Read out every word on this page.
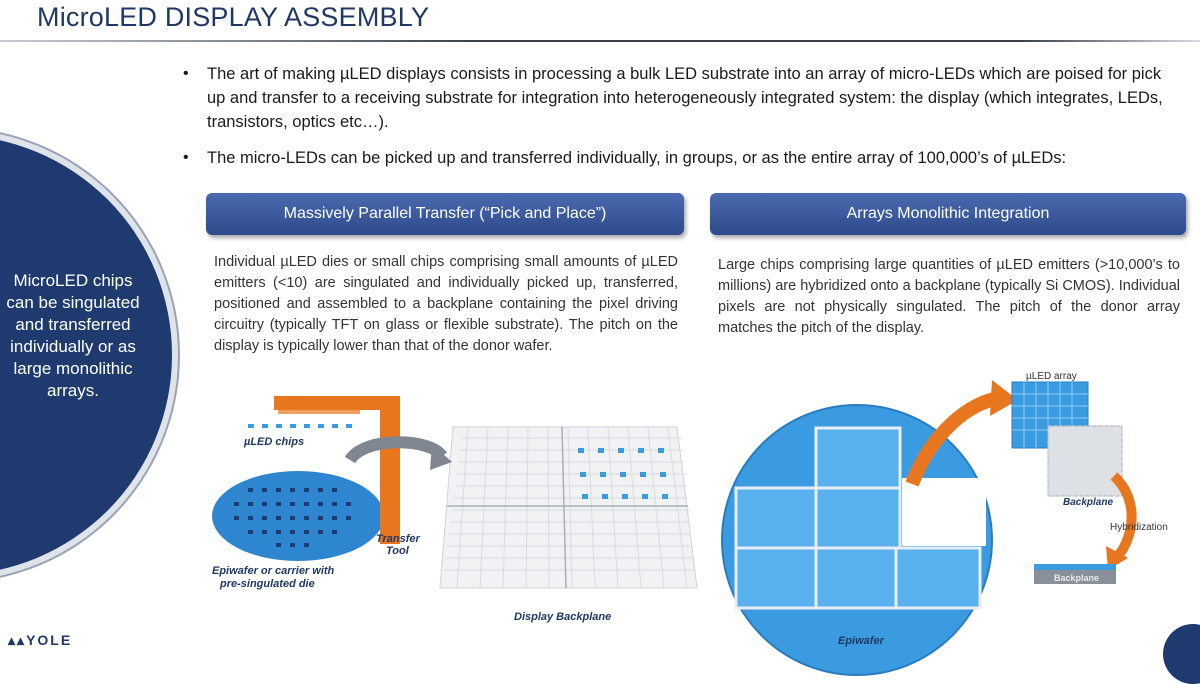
MicroLED DISPLAY ASSEMBLY
MicroLED chips can be singulated and transferred individually or as large monolithic arrays.
• The art of making µLED displays consists in processing a bulk LED substrate into an array of micro-LEDs which are poised for pick up and transfer to a receiving substrate for integration into heterogeneously integrated system: the display (which integrates, LEDs, transistors, optics etc…).
• The micro-LEDs can be picked up and transferred individually, in groups, or as the entire array of 100,000’s of µLEDs:
Massively Parallel Transfer (“Pick and Place”)
Individual µLED dies or small chips comprising small amounts of µLED emitters (<10) are singulated and individually picked up, transferred, positioned and assembled to a backplane containing the pixel driving circuitry (typically TFT on glass or flexible substrate). The pitch on the display is typically lower than that of the donor wafer.
µLED chips
Transfer Tool
Epiwafer or carrier with pre-singulated die
Display Backplane
Arrays Monolithic Integration
Large chips comprising large quantities of µLED emitters (>10,000’s to millions) are hybridized onto a backplane (typically Si CMOS). Individual pixels are not physically singulated. The pitch of the donor array matches the pitch of the display.
Backplane
µLED array
Backplane
Hybridization
Epiwafer
▴▴YOLE
